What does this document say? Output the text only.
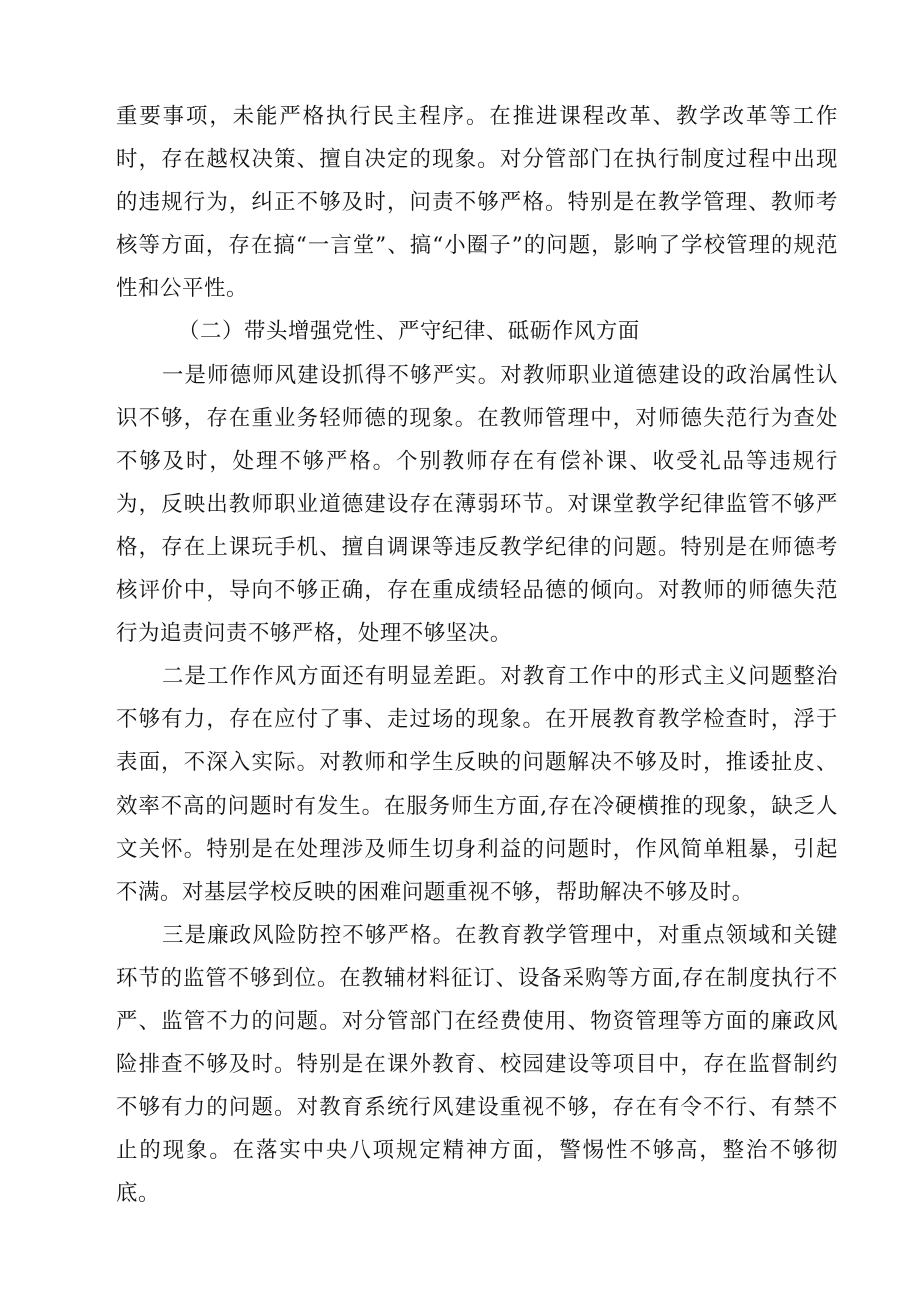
重要事项，未能严格执行民主程序。在推进课程改革、教学改革等工作时，存在越权决策、擅自决定的现象。对分管部门在执行制度过程中出现的违规行为，纠正不够及时，问责不够严格。特别是在教学管理、教师考核等方面，存在搞“一言堂”、搞“小圈子”的问题，影响了学校管理的规范性和公平性。

（二）带头增强党性、严守纪律、砥砺作风方面

一是师德师风建设抓得不够严实。对教师职业道德建设的政治属性认识不够，存在重业务轻师德的现象。在教师管理中，对师德失范行为查处不够及时，处理不够严格。个别教师存在有偿补课、收受礼品等违规行为，反映出教师职业道德建设存在薄弱环节。对课堂教学纪律监管不够严格，存在上课玩手机、擅自调课等违反教学纪律的问题。特别是在师德考核评价中，导向不够正确，存在重成绩轻品德的倾向。对教师的师德失范行为追责问责不够严格，处理不够坚决。

二是工作作风方面还有明显差距。对教育工作中的形式主义问题整治不够有力，存在应付了事、走过场的现象。在开展教育教学检查时，浮于表面，不深入实际。对教师和学生反映的问题解决不够及时，推诿扯皮、效率不高的问题时有发生。在服务师生方面,存在冷硬横推的现象，缺乏人文关怀。特别是在处理涉及师生切身利益的问题时，作风简单粗暴，引起不满。对基层学校反映的困难问题重视不够，帮助解决不够及时。

三是廉政风险防控不够严格。在教育教学管理中，对重点领域和关键环节的监管不够到位。在教辅材料征订、设备采购等方面,存在制度执行不严、监管不力的问题。对分管部门在经费使用、物资管理等方面的廉政风险排查不够及时。特别是在课外教育、校园建设等项目中，存在监督制约不够有力的问题。对教育系统行风建设重视不够，存在有令不行、有禁不止的现象。在落实中央八项规定精神方面，警惕性不够高，整治不够彻底。
